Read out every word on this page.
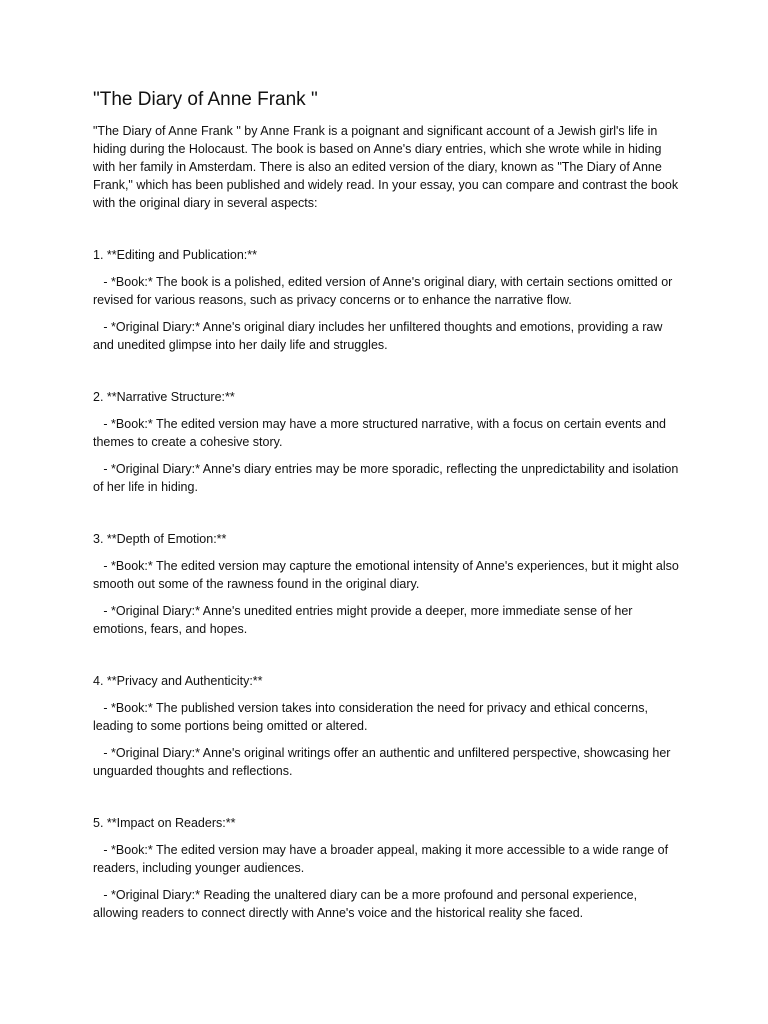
"The Diary of Anne Frank "

"The Diary of Anne Frank " by Anne Frank is a poignant and significant account of a Jewish girl's life in hiding during the Holocaust. The book is based on Anne's diary entries, which she wrote while in hiding with her family in Amsterdam. There is also an edited version of the diary, known as "The Diary of Anne Frank," which has been published and widely read. In your essay, you can compare and contrast the book with the original diary in several aspects:

1. **Editing and Publication:**

- *Book:* The book is a polished, edited version of Anne's original diary, with certain sections omitted or revised for various reasons, such as privacy concerns or to enhance the narrative flow.

- *Original Diary:* Anne's original diary includes her unfiltered thoughts and emotions, providing a raw and unedited glimpse into her daily life and struggles.

2. **Narrative Structure:**

- *Book:* The edited version may have a more structured narrative, with a focus on certain events and themes to create a cohesive story.

- *Original Diary:* Anne's diary entries may be more sporadic, reflecting the unpredictability and isolation of her life in hiding.

3. **Depth of Emotion:**

- *Book:* The edited version may capture the emotional intensity of Anne's experiences, but it might also smooth out some of the rawness found in the original diary.

- *Original Diary:* Anne's unedited entries might provide a deeper, more immediate sense of her emotions, fears, and hopes.

4. **Privacy and Authenticity:**

- *Book:* The published version takes into consideration the need for privacy and ethical concerns, leading to some portions being omitted or altered.

- *Original Diary:* Anne's original writings offer an authentic and unfiltered perspective, showcasing her unguarded thoughts and reflections.

5. **Impact on Readers:**

- *Book:* The edited version may have a broader appeal, making it more accessible to a wide range of readers, including younger audiences.

- *Original Diary:* Reading the unaltered diary can be a more profound and personal experience, allowing readers to connect directly with Anne's voice and the historical reality she faced.
